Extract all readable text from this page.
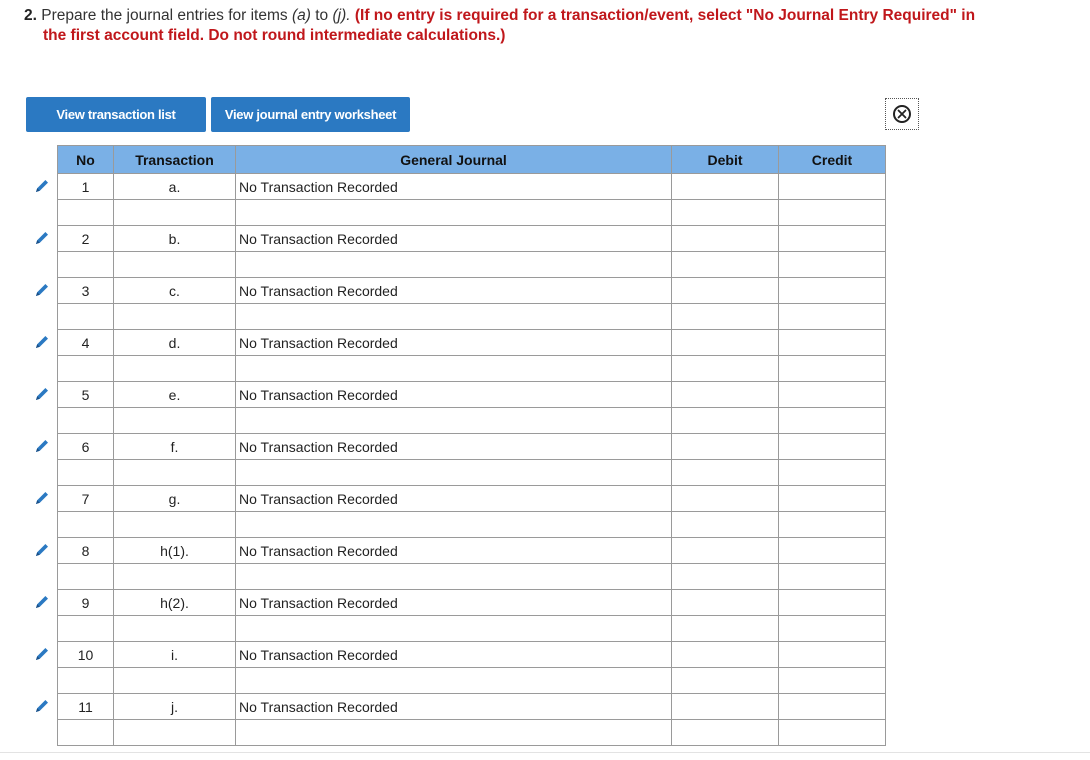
2. Prepare the journal entries for items (a) to (j). (If no entry is required for a transaction/event, select "No Journal Entry Required" in
the first account field. Do not round intermediate calculations.)
View transaction list	View journal entry worksheet
No	Transaction	General Journal	Debit	Credit
1	a.	No Transaction Recorded		

2	b.	No Transaction Recorded		

3	c.	No Transaction Recorded		

4	d.	No Transaction Recorded		

5	e.	No Transaction Recorded		

6	f.	No Transaction Recorded		

7	g.	No Transaction Recorded		

8	h(1).	No Transaction Recorded		

9	h(2).	No Transaction Recorded		

10	i.	No Transaction Recorded		

11	j.	No Transaction Recorded		
